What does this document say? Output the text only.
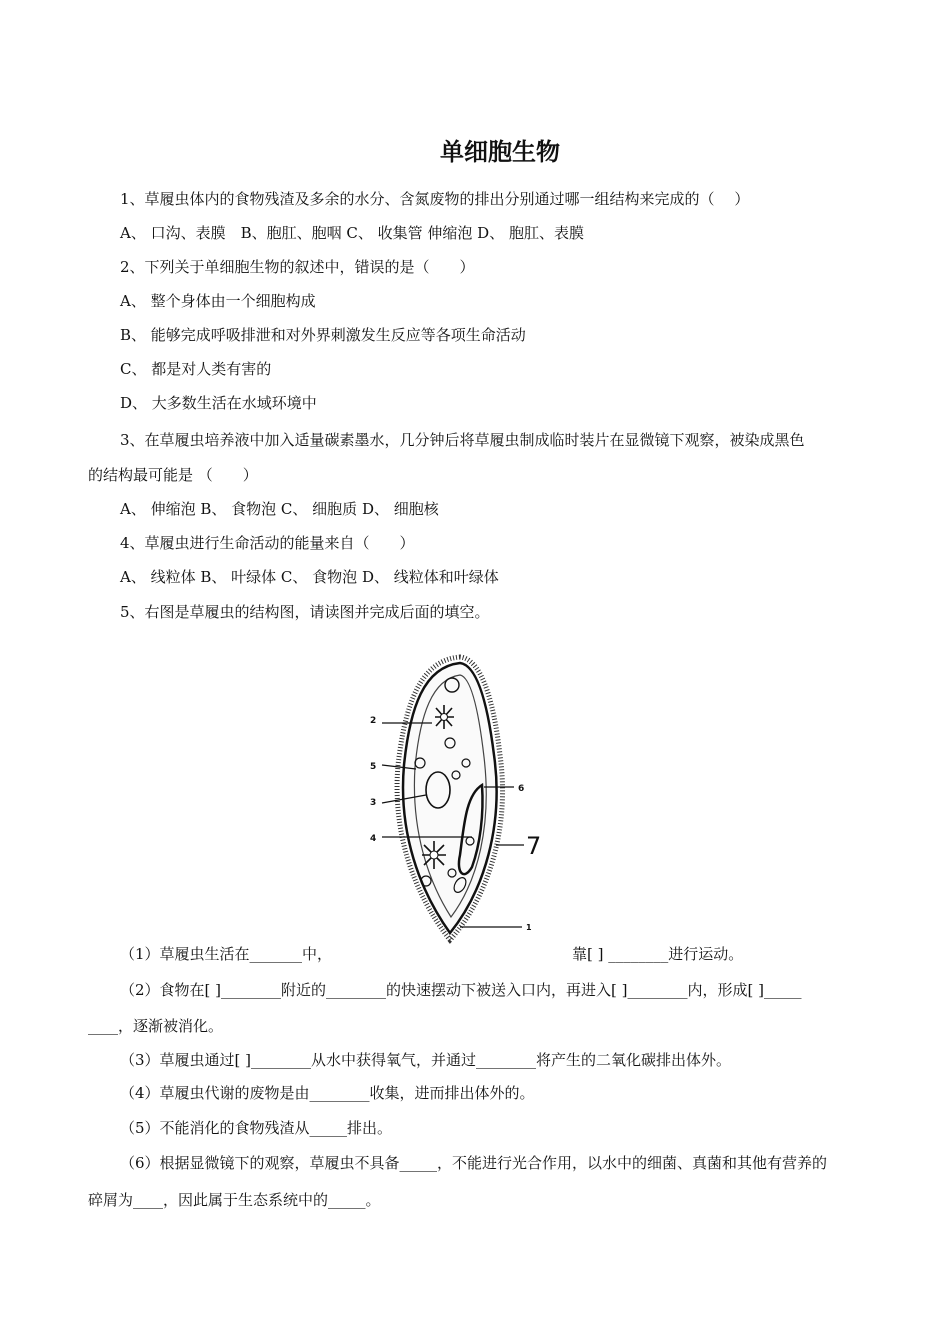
单细胞生物
1、草履虫体内的食物残渣及多余的水分、含氮废物的排出分别通过哪一组结构来完成的（　 ）
A、 口沟、表膜　B、胞肛、胞咽 C、 收集管 伸缩泡 D、 胞肛、表膜
2、下列关于单细胞生物的叙述中，错误的是（　　）
A、 整个身体由一个细胞构成
B、 能够完成呼吸排泄和对外界刺激发生反应等各项生命活动
C、 都是对人类有害的
D、 大多数生活在水域环境中
3、在草履虫培养液中加入适量碳素墨水，几分钟后将草履虫制成临时装片在显微镜下观察，被染成黑色
的结构最可能是 （　　）
A、 伸缩泡 B、 食物泡 C、 细胞质 D、 细胞核
4、草履虫进行生命活动的能量来自（　　）
A、 线粒体 B、 叶绿体 C、 食物泡 D、 线粒体和叶绿体
5、右图是草履虫的结构图，请读图并完成后面的填空。
2
5
3
4
6
1
7
（1）草履虫生活在_______中，	靠[ ] ________进行运动。
（2）食物在[ ]________附近的________的快速摆动下被送入口内，再进入[ ]________内，形成[ ]_____
____，逐渐被消化。
（3）草履虫通过[ ]________从水中获得氧气，并通过________将产生的二氧化碳排出体外。
（4）草履虫代谢的废物是由________收集，进而排出体外的。
（5）不能消化的食物残渣从_____排出。
（6）根据显微镜下的观察，草履虫不具备_____，不能进行光合作用，以水中的细菌、真菌和其他有营养的
碎屑为____，因此属于生态系统中的_____。
